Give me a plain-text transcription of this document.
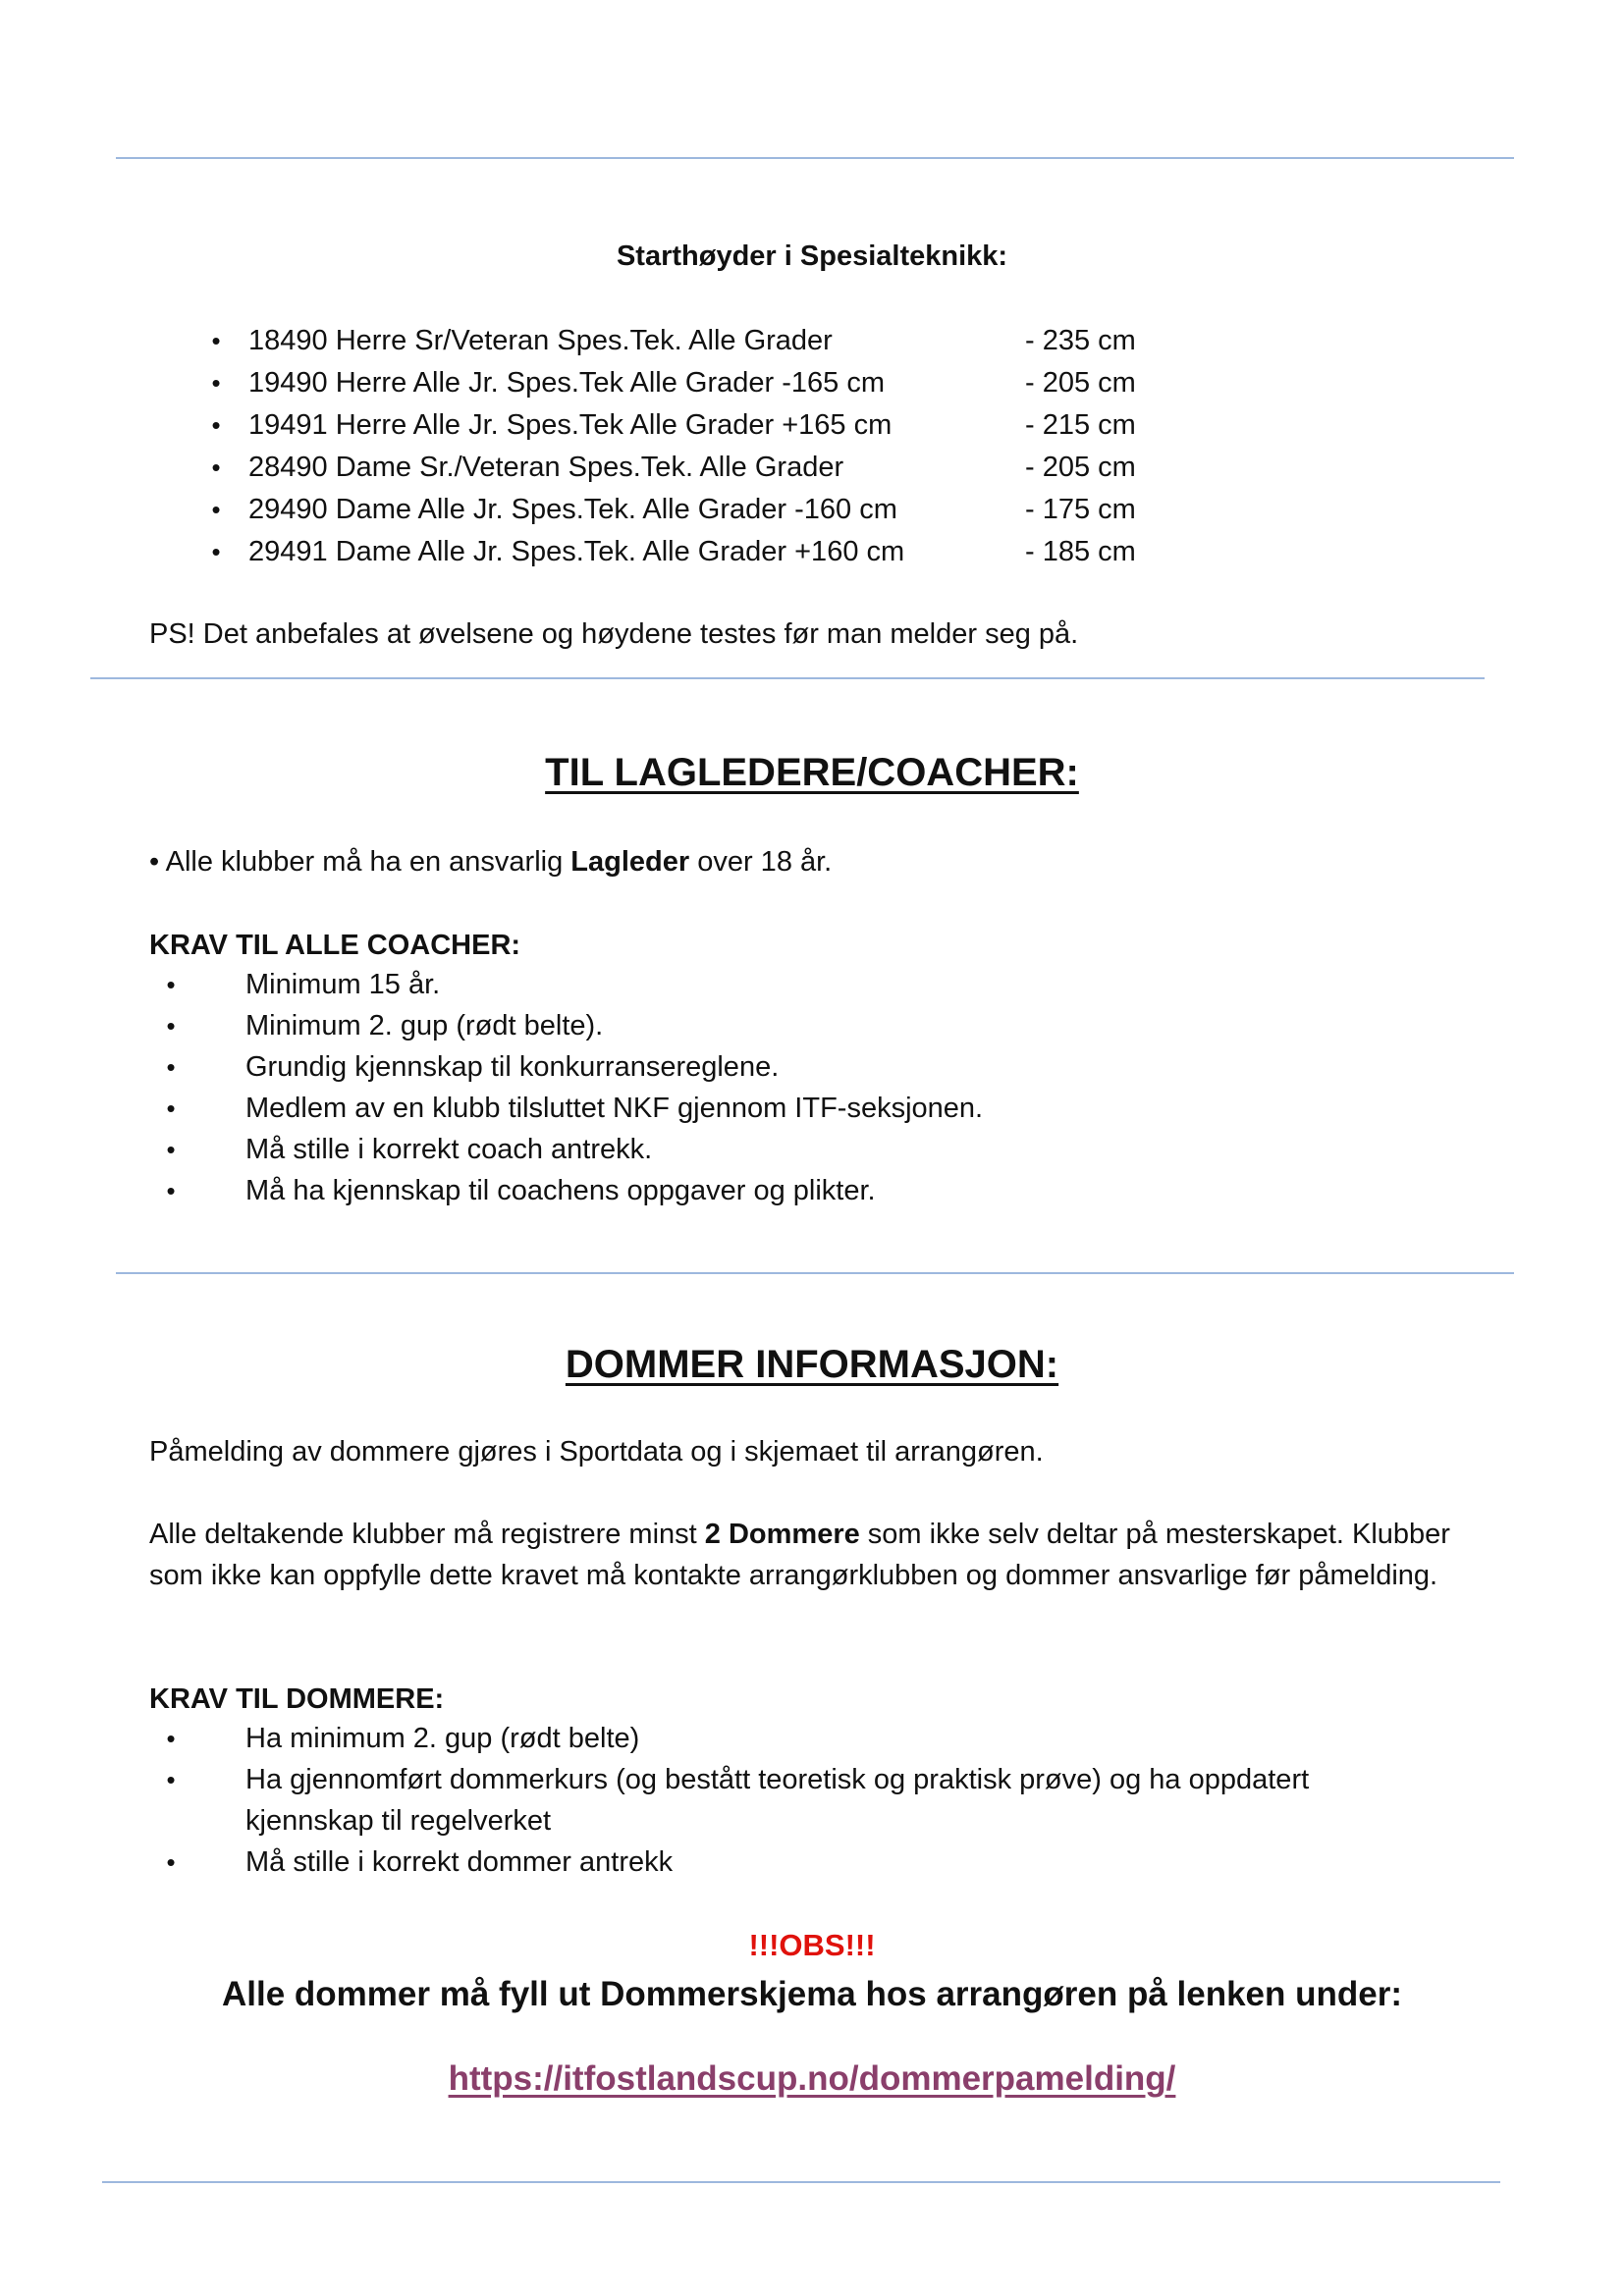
Starthøyder i Spesialteknikk:
• 18490 Herre Sr/Veteran Spes.Tek. Alle Grader	- 235 cm
• 19490 Herre Alle Jr. Spes.Tek Alle Grader -165 cm	- 205 cm
• 19491 Herre Alle Jr. Spes.Tek Alle Grader +165 cm	- 215 cm
• 28490 Dame Sr./Veteran Spes.Tek. Alle Grader	- 205 cm
• 29490 Dame Alle Jr. Spes.Tek. Alle Grader -160 cm	- 175 cm
• 29491 Dame Alle Jr. Spes.Tek. Alle Grader +160 cm	- 185 cm
PS! Det anbefales at øvelsene og høydene testes før man melder seg på.
TIL LAGLEDERE/COACHER:
• Alle klubber må ha en ansvarlig Lagleder over 18 år.
KRAV TIL ALLE COACHER:
•	Minimum 15 år.
•	Minimum 2. gup (rødt belte).
•	Grundig kjennskap til konkurransereglene.
•	Medlem av en klubb tilsluttet NKF gjennom ITF-seksjonen.
•	Må stille i korrekt coach antrekk.
•	Må ha kjennskap til coachens oppgaver og plikter.
DOMMER INFORMASJON:
Påmelding av dommere gjøres i Sportdata og i skjemaet til arrangøren.
Alle deltakende klubber må registrere minst 2 Dommere som ikke selv deltar på mesterskapet. Klubber som ikke kan oppfylle dette kravet må kontakte arrangørklubben og dommer ansvarlige før påmelding.
KRAV TIL DOMMERE:
•	Ha minimum 2. gup (rødt belte)
•	Ha gjennomført dommerkurs (og bestått teoretisk og praktisk prøve) og ha oppdatert kjennskap til regelverket
•	Må stille i korrekt dommer antrekk
!!!OBS!!!
Alle dommer må fyll ut Dommerskjema hos arrangøren på lenken under:
https://itfostlandscup.no/dommerpamelding/
